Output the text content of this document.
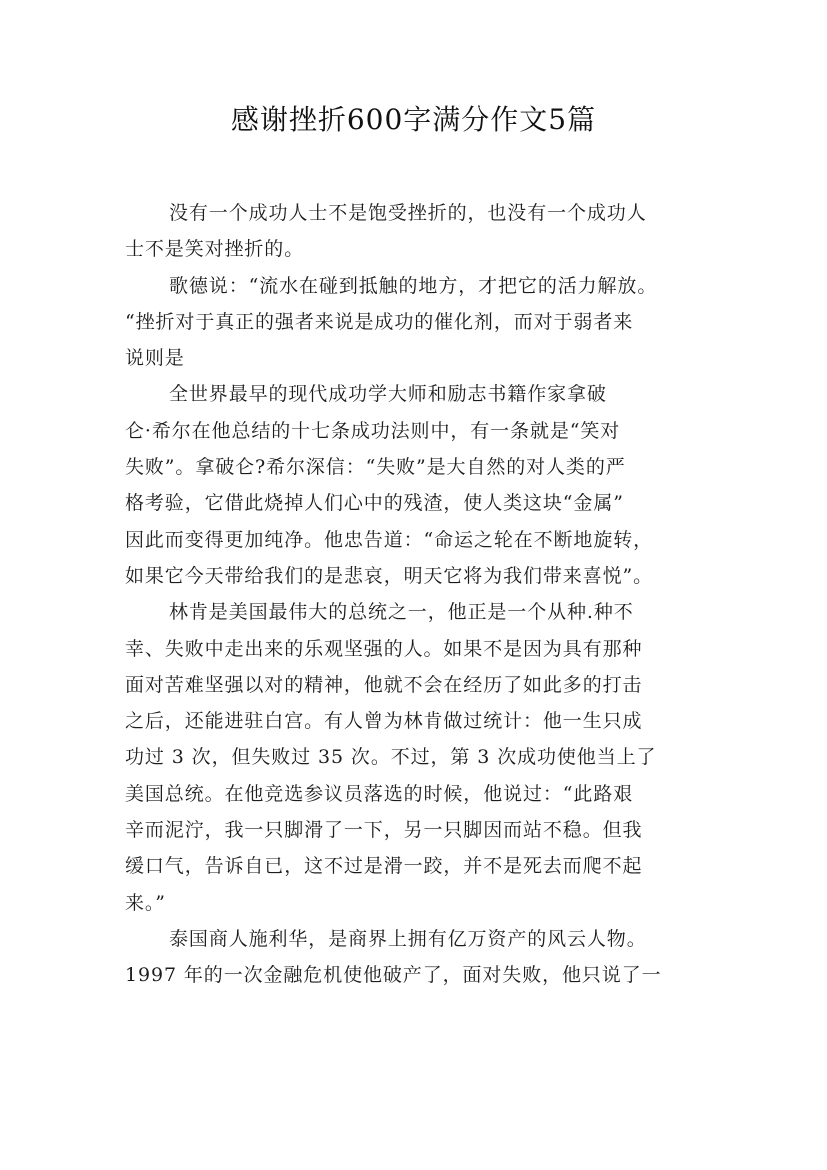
感谢挫折600字满分作文5篇
没有一个成功人士不是饱受挫折的，也没有一个成功人
士不是笑对挫折的。
歌德说：“流水在碰到抵触的地方，才把它的活力解放。
“挫折对于真正的强者来说是成功的催化剂，而对于弱者来
说则是
全世界最早的现代成功学大师和励志书籍作家拿破
仑·希尔在他总结的十七条成功法则中，有一条就是“笑对
失败”。拿破仑?希尔深信：“失败”是大自然的对人类的严
格考验，它借此烧掉人们心中的残渣，使人类这块“金属”
因此而变得更加纯净。他忠告道：“命运之轮在不断地旋转，
如果它今天带给我们的是悲哀，明天它将为我们带来喜悦”。
林肯是美国最伟大的总统之一，他正是一个从种.种不
幸、失败中走出来的乐观坚强的人。如果不是因为具有那种
面对苦难坚强以对的精神，他就不会在经历了如此多的打击
之后，还能进驻白宫。有人曾为林肯做过统计：他一生只成
功过 3 次，但失败过 35 次。不过，第 3 次成功使他当上了
美国总统。在他竞选参议员落选的时候，他说过：“此路艰
辛而泥泞，我一只脚滑了一下，另一只脚因而站不稳。但我
缓口气，告诉自已，这不过是滑一跤，并不是死去而爬不起
来。”
泰国商人施利华，是商界上拥有亿万资产的风云人物。
1997 年的一次金融危机使他破产了，面对失败，他只说了一
